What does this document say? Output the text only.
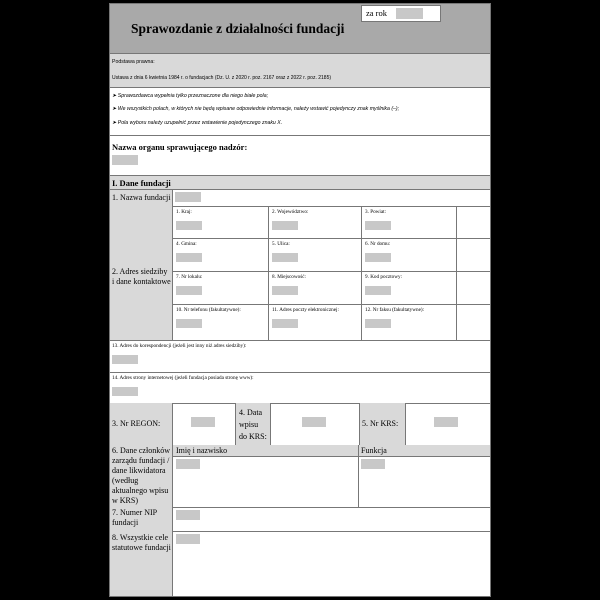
Sprawozdanie z działalności fundacji
za rok
Podstawa prawna:
Ustawa z dnia 6 kwietnia 1984 r. o fundacjach (Dz. U. z 2020 r. poz. 2167 oraz z 2022 r. poz. 2185)
➤ Sprawozdawca wypełnia tylko przeznaczone dla niego białe pola;
➤ We wszystkich polach, w których nie będą wpisane odpowiednie informacje, należy wstawić pojedynczy znak myślnika (–);
➤ Pola wyboru należy uzupełnić przez wstawienie pojedynczego znaku X.
Nazwa organu sprawującego nadzór:
I. Dane fundacji
1. Nazwa fundacji
2. Adres siedziby
i dane kontaktowe
1. Kraj:	2. Województwo:	3. Powiat:
4. Gmina:	5. Ulica:	6. Nr domu:
7. Nr lokalu:	8. Miejscowość:	9. Kod pocztowy:
10. Nr telefonu (fakultatywne):	11. Adres poczty elektronicznej:	12. Nr faksu (fakultatywne):
13. Adres do korespondencji (jeżeli jest inny niż adres siedziby):
14. Adres strony internetowej (jeżeli fundacja posiada stronę www):
3. Nr REGON:
4. Data
wpisu
do KRS:
5. Nr KRS:
6. Dane członków
zarządu fundacji /
dane likwidatora
(według
aktualnego wpisu
w KRS)
Imię i nazwisko	Funkcja
7. Numer NIP
fundacji
8. Wszystkie cele
statutowe fundacji
